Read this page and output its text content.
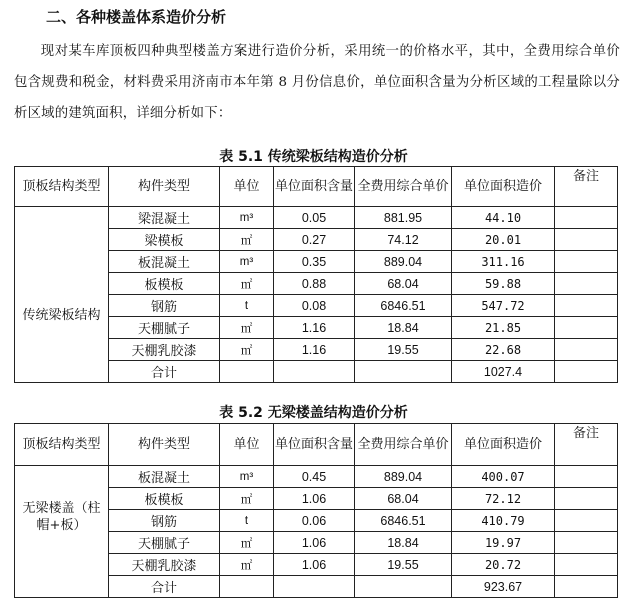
二、各种楼盖体系造价分析
现对某车库顶板四种典型楼盖方案进行造价分析，采用统一的价格水平，其中，全费用综合单价包含规费和税金，材料费采用济南市本年第 8 月份信息价，单位面积含量为分析区域的工程量除以分析区域的建筑面积，详细分析如下：
表 5.1 传统梁板结构造价分析
顶板结构类型	构件类型	单位	单位面积含量	全费用综合单价	单位面积造价	备注
传统梁板结构	梁混凝土	m³	0.05	881.95	44.10	
	梁模板	㎡	0.27	74.12	20.01	
	板混凝土	m³	0.35	889.04	311.16	
	板模板	㎡	0.88	68.04	59.88	
	钢筋	t	0.08	6846.51	547.72	
	天棚腻子	㎡	1.16	18.84	21.85	
	天棚乳胶漆	㎡	1.16	19.55	22.68	
	合计				1027.4	
表 5.2 无梁楼盖结构造价分析
顶板结构类型	构件类型	单位	单位面积含量	全费用综合单价	单位面积造价	备注
无梁楼盖（柱帽+板）	板混凝土	m³	0.45	889.04	400.07	
	板模板	㎡	1.06	68.04	72.12	
	钢筋	t	0.06	6846.51	410.79	
	天棚腻子	㎡	1.06	18.84	19.97	
	天棚乳胶漆	㎡	1.06	19.55	20.72	
	合计				923.67	
